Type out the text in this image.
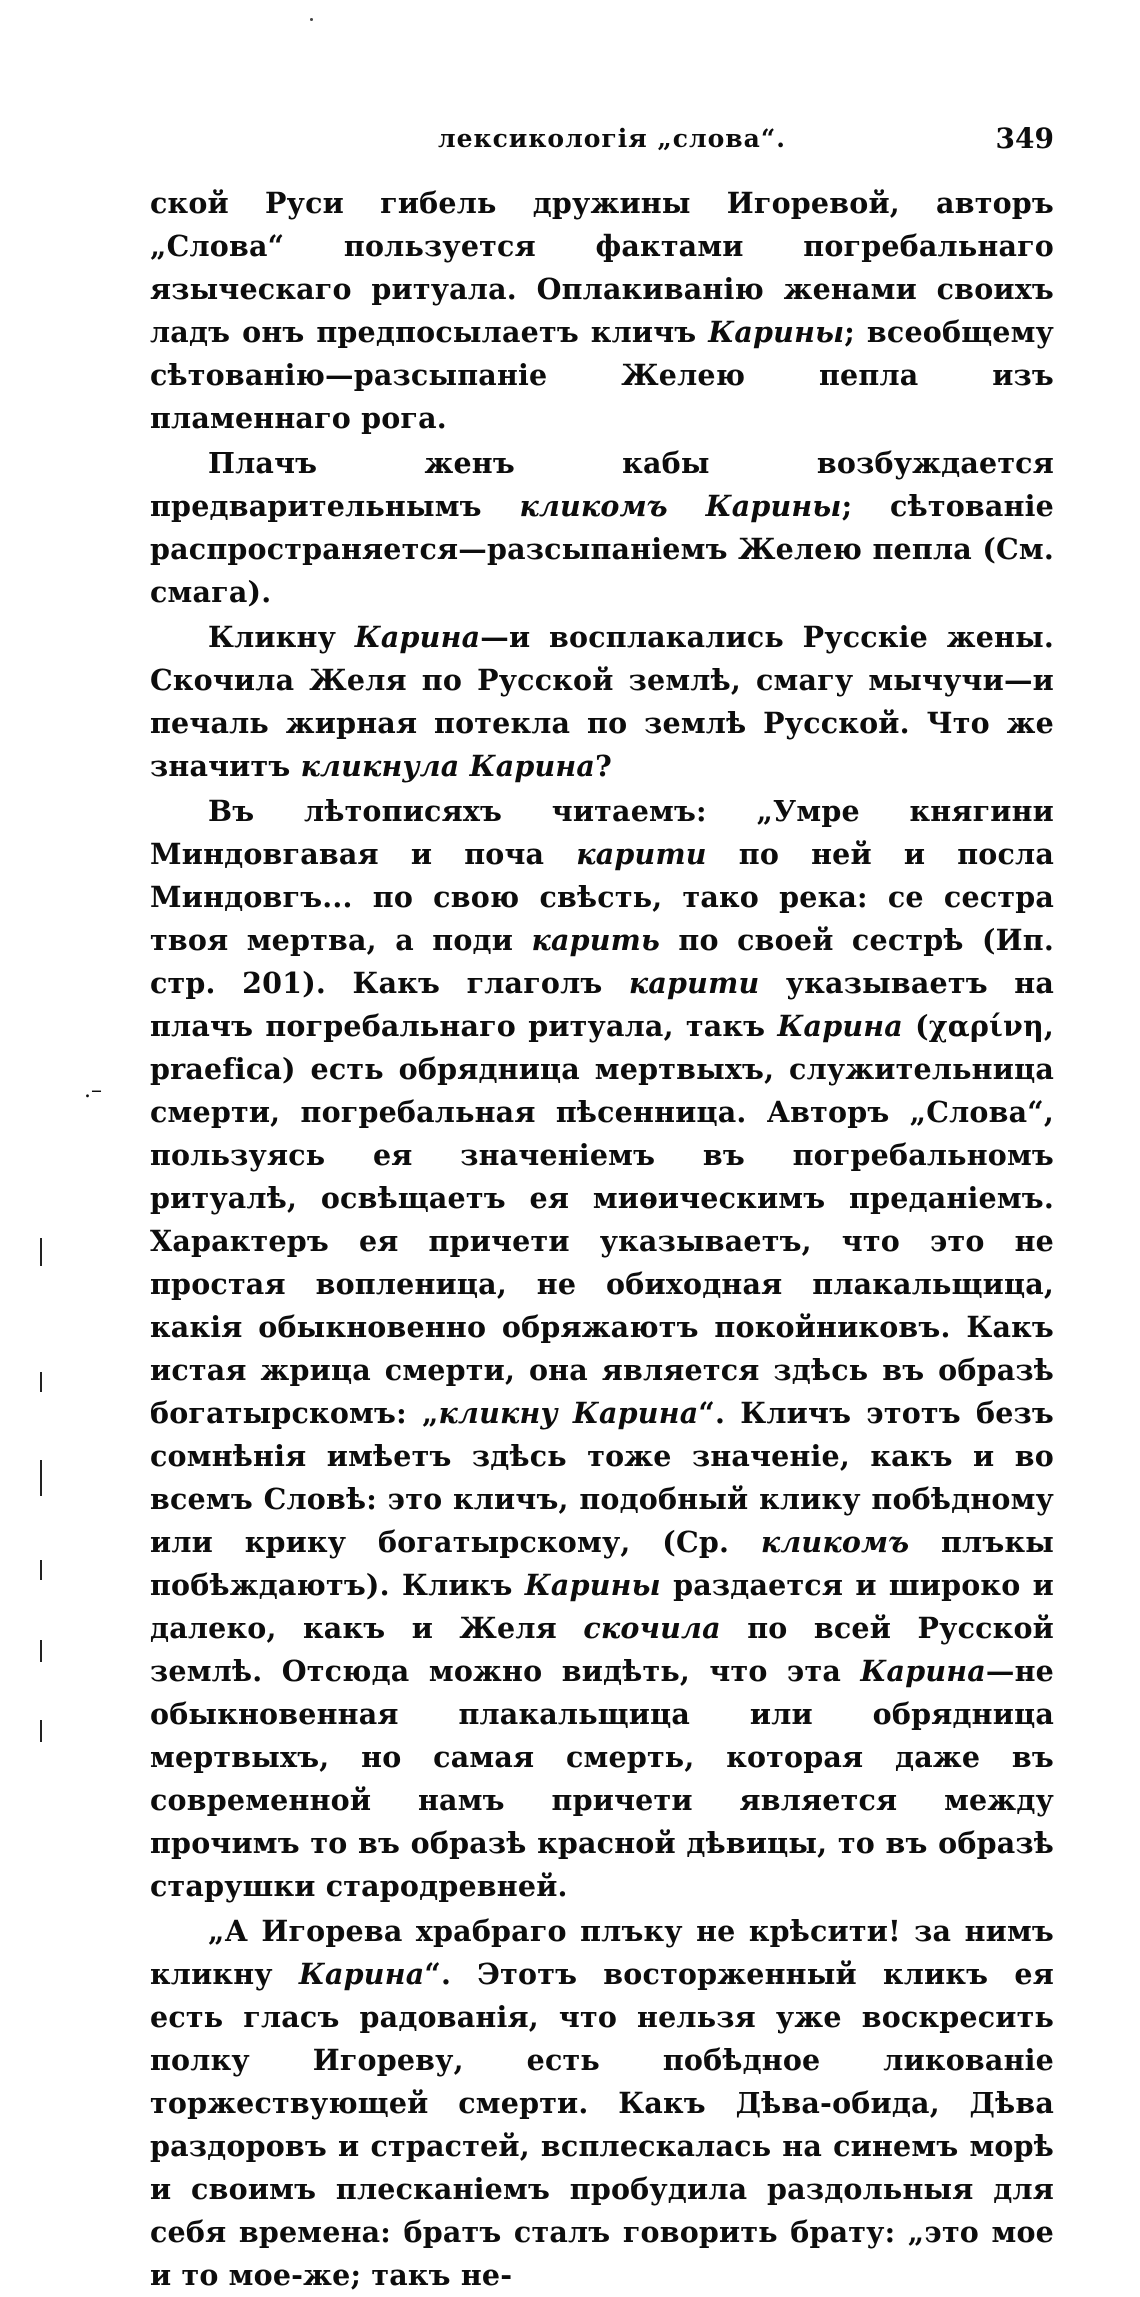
лексикологія „слова“.	349

ской Руси гибель дружины Игоревой, авторъ „Слова“ пользуется фактами погребальнаго языческаго ритуала. Оплакиванію женами своихъ ладъ онъ предпосылаетъ кличъ Карины; всеобщему сѣтованію—разсыпаніе Желею пепла изъ пламеннаго рога.

Плачъ женъ кабы возбуждается предварительнымъ кликомъ Карины; сѣтованіе распространяется—разсыпаніемъ Желею пепла (См. смага).

Кликну Карина—и восплакались Русскіе жены. Скочила Желя по Русской землѣ, смагу мычучи—и печаль жирная потекла по землѣ Русской. Что же значитъ кликнула Карина?

Въ лѣтописяхъ читаемъ: „Умре княгини Миндовгавая и поча карити по ней и посла Миндовгъ... по свою свѣсть, тако река: се сестра твоя мертва, а поди карить по своей сестрѣ (Ип. стр. 201). Какъ глаголъ карити указываетъ на плачъ погребальнаго ритуала, такъ Карина (χαρίνη, praefica) есть обрядница мертвыхъ, служительница смерти, погребальная пѣсенница. Авторъ „Слова“, пользуясь ея значеніемъ въ погребальномъ ритуалѣ, освѣщаетъ ея миѳическимъ преданіемъ. Характеръ ея причети указываетъ, что это не простая вопленица, не обиходная плакальщица, какія обыкновенно обряжаютъ покойниковъ. Какъ истая жрица смерти, она является здѣсь въ образѣ богатырскомъ: „кликну Карина“. Кличъ этотъ безъ сомнѣнія имѣетъ здѣсь тоже значеніе, какъ и во всемъ Словѣ: это кличъ, подобный клику побѣдному или крику богатырскому, (Ср. кликомъ плъкы побѣждаютъ). Кликъ Карины раздается и широко и далеко, какъ и Желя скочила по всей Русской землѣ. Отсюда можно видѣть, что эта Карина—не обыкновенная плакальщица или обрядница мертвыхъ, но самая смерть, которая даже въ современной намъ причети является между прочимъ то въ образѣ красной дѣвицы, то въ образѣ старушки стародревней.

„А Игорева храбраго плъку не крѣсити! за нимъ кликну Карина“. Этотъ восторженный кликъ ея есть гласъ радованія, что нельзя уже воскресить полку Игореву, есть побѣдное ликованіе торжествующей смерти. Какъ Дѣва-обида, Дѣва раздоровъ и страстей, всплескалась на синемъ морѣ и своимъ плесканіемъ пробудила раздольныя для себя времена: братъ сталъ говорить брату: „это мое и то мое-же; такъ не-

.–
